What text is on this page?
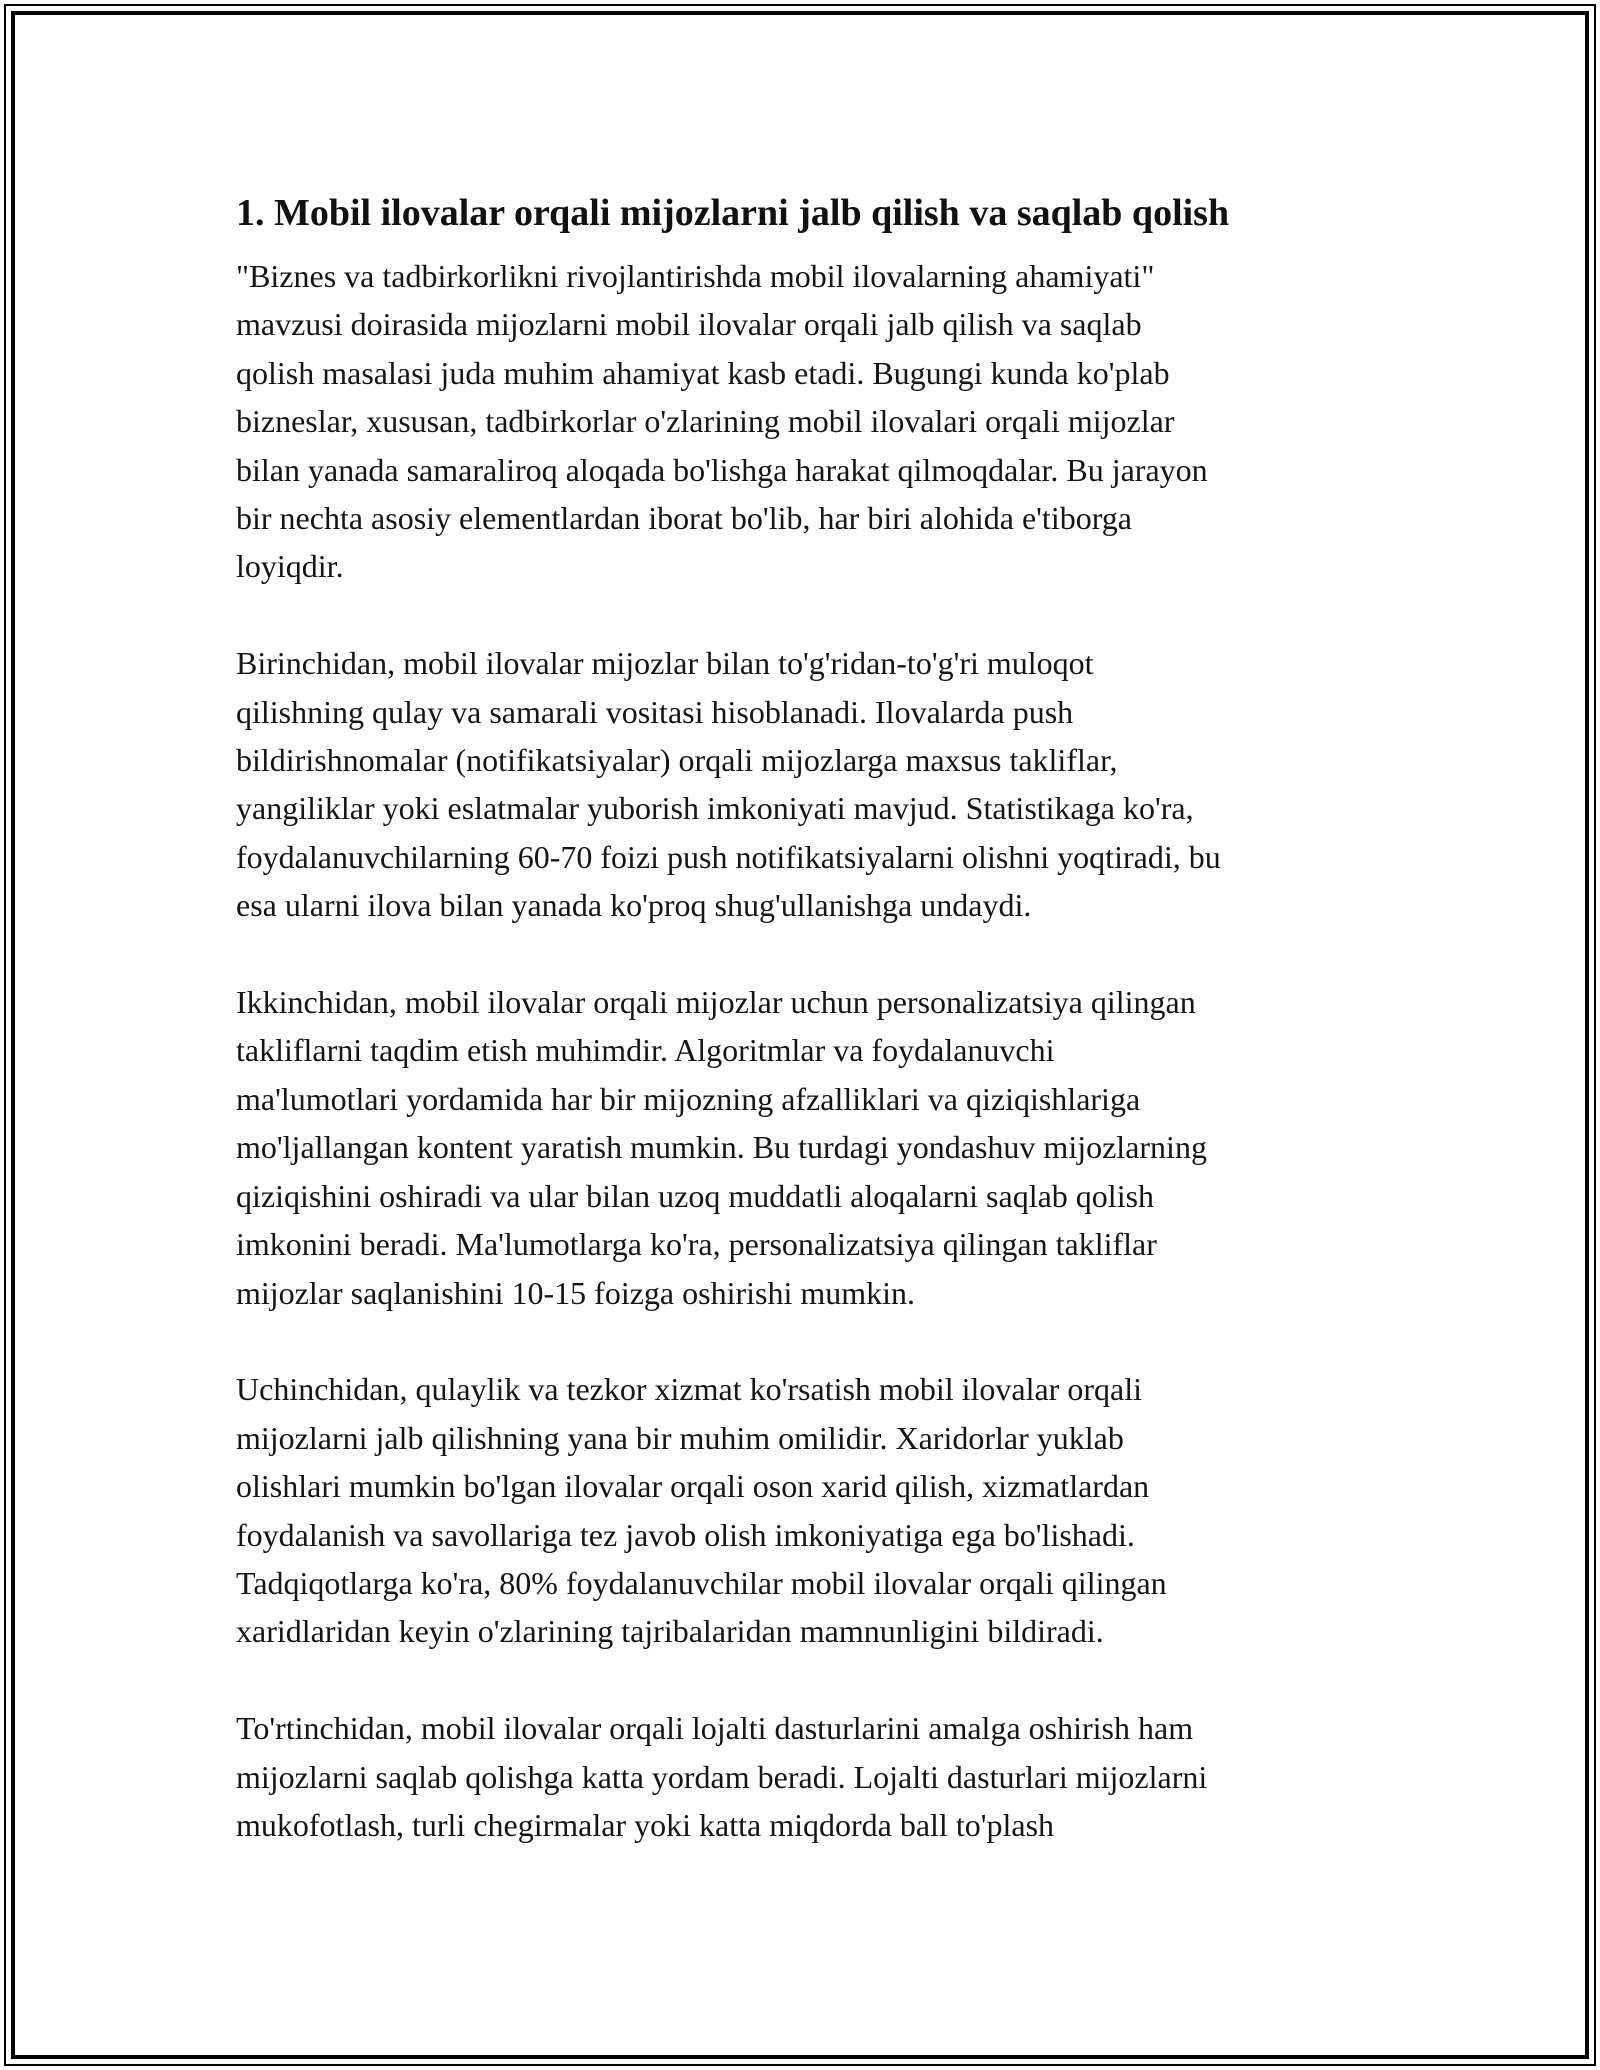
1. Mobil ilovalar orqali mijozlarni jalb qilish va saqlab qolish

"Biznes va tadbirkorlikni rivojlantirishda mobil ilovalarning ahamiyati"
mavzusi doirasida mijozlarni mobil ilovalar orqali jalb qilish va saqlab
qolish masalasi juda muhim ahamiyat kasb etadi. Bugungi kunda ko'plab
bizneslar, xususan, tadbirkorlar o'zlarining mobil ilovalari orqali mijozlar
bilan yanada samaraliroq aloqada bo'lishga harakat qilmoqdalar. Bu jarayon
bir nechta asosiy elementlardan iborat bo'lib, har biri alohida e'tiborga
loyiqdir.

Birinchidan, mobil ilovalar mijozlar bilan to'g'ridan-to'g'ri muloqot
qilishning qulay va samarali vositasi hisoblanadi. Ilovalarda push
bildirishnomalar (notifikatsiyalar) orqali mijozlarga maxsus takliflar,
yangiliklar yoki eslatmalar yuborish imkoniyati mavjud. Statistikaga ko'ra,
foydalanuvchilarning 60-70 foizi push notifikatsiyalarni olishni yoqtiradi, bu
esa ularni ilova bilan yanada ko'proq shug'ullanishga undaydi.

Ikkinchidan, mobil ilovalar orqali mijozlar uchun personalizatsiya qilingan
takliflarni taqdim etish muhimdir. Algoritmlar va foydalanuvchi
ma'lumotlari yordamida har bir mijozning afzalliklari va qiziqishlariga
mo'ljallangan kontent yaratish mumkin. Bu turdagi yondashuv mijozlarning
qiziqishini oshiradi va ular bilan uzoq muddatli aloqalarni saqlab qolish
imkonini beradi. Ma'lumotlarga ko'ra, personalizatsiya qilingan takliflar
mijozlar saqlanishini 10-15 foizga oshirishi mumkin.

Uchinchidan, qulaylik va tezkor xizmat ko'rsatish mobil ilovalar orqali
mijozlarni jalb qilishning yana bir muhim omilidir. Xaridorlar yuklab
olishlari mumkin bo'lgan ilovalar orqali oson xarid qilish, xizmatlardan
foydalanish va savollariga tez javob olish imkoniyatiga ega bo'lishadi.
Tadqiqotlarga ko'ra, 80% foydalanuvchilar mobil ilovalar orqali qilingan
xaridlaridan keyin o'zlarining tajribalaridan mamnunligini bildiradi.

To'rtinchidan, mobil ilovalar orqali lojalti dasturlarini amalga oshirish ham
mijozlarni saqlab qolishga katta yordam beradi. Lojalti dasturlari mijozlarni
mukofotlash, turli chegirmalar yoki katta miqdorda ball to'plash
